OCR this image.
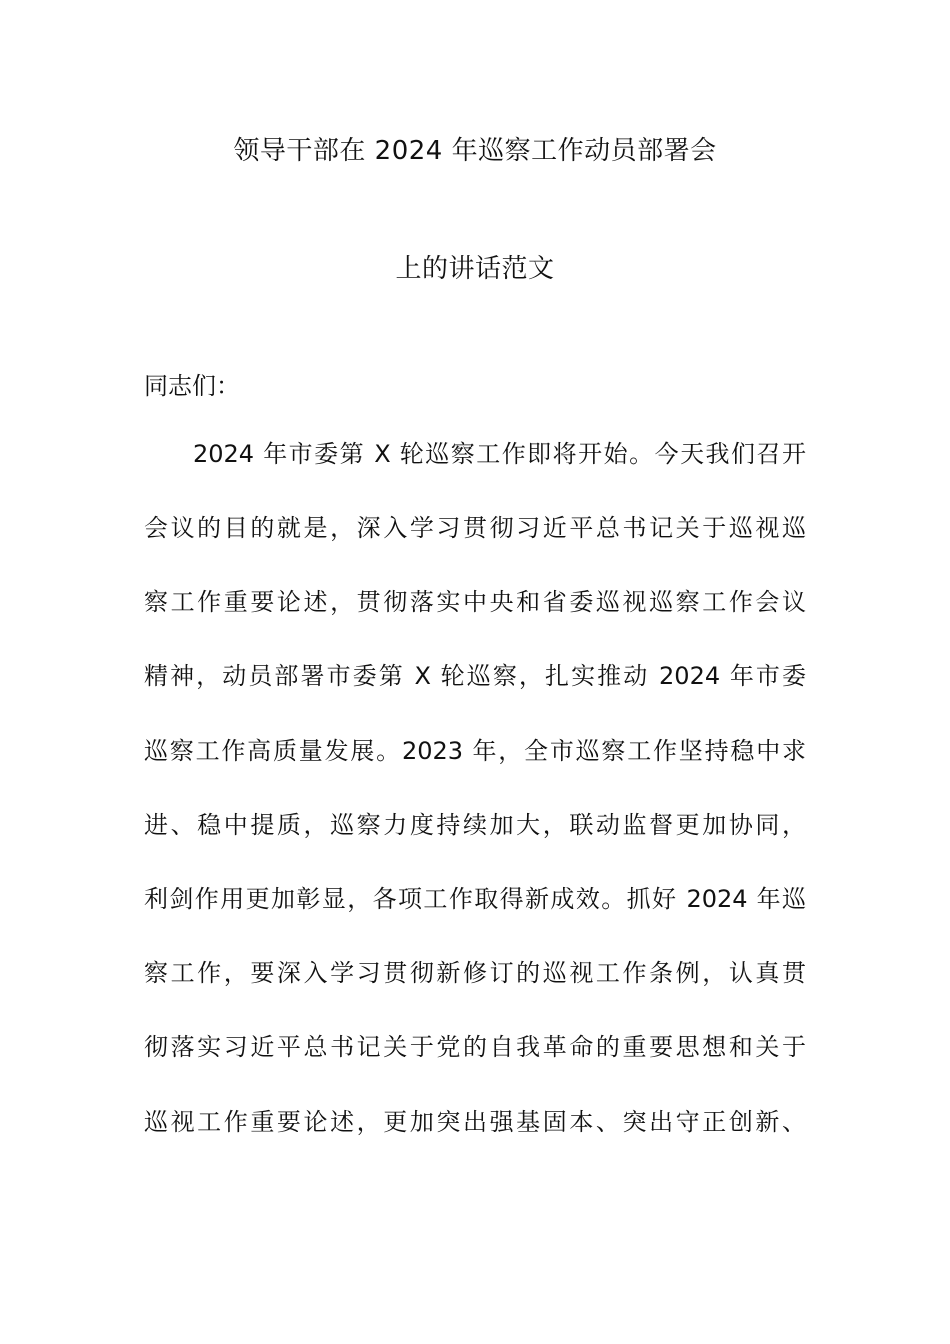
领导干部在 2024 年巡察工作动员部署会
上的讲话范文
同志们：
2024 年市委第 X 轮巡察工作即将开始。今天我们召开
会议的目的就是，深入学习贯彻习近平总书记关于巡视巡
察工作重要论述，贯彻落实中央和省委巡视巡察工作会议
精神，动员部署市委第 X 轮巡察，扎实推动 2024 年市委
巡察工作高质量发展。2023 年，全市巡察工作坚持稳中求
进、稳中提质，巡察力度持续加大，联动监督更加协同，
利剑作用更加彰显，各项工作取得新成效。抓好 2024 年巡
察工作，要深入学习贯彻新修订的巡视工作条例，认真贯
彻落实习近平总书记关于党的自我革命的重要思想和关于
巡视工作重要论述，更加突出强基固本、突出守正创新、
